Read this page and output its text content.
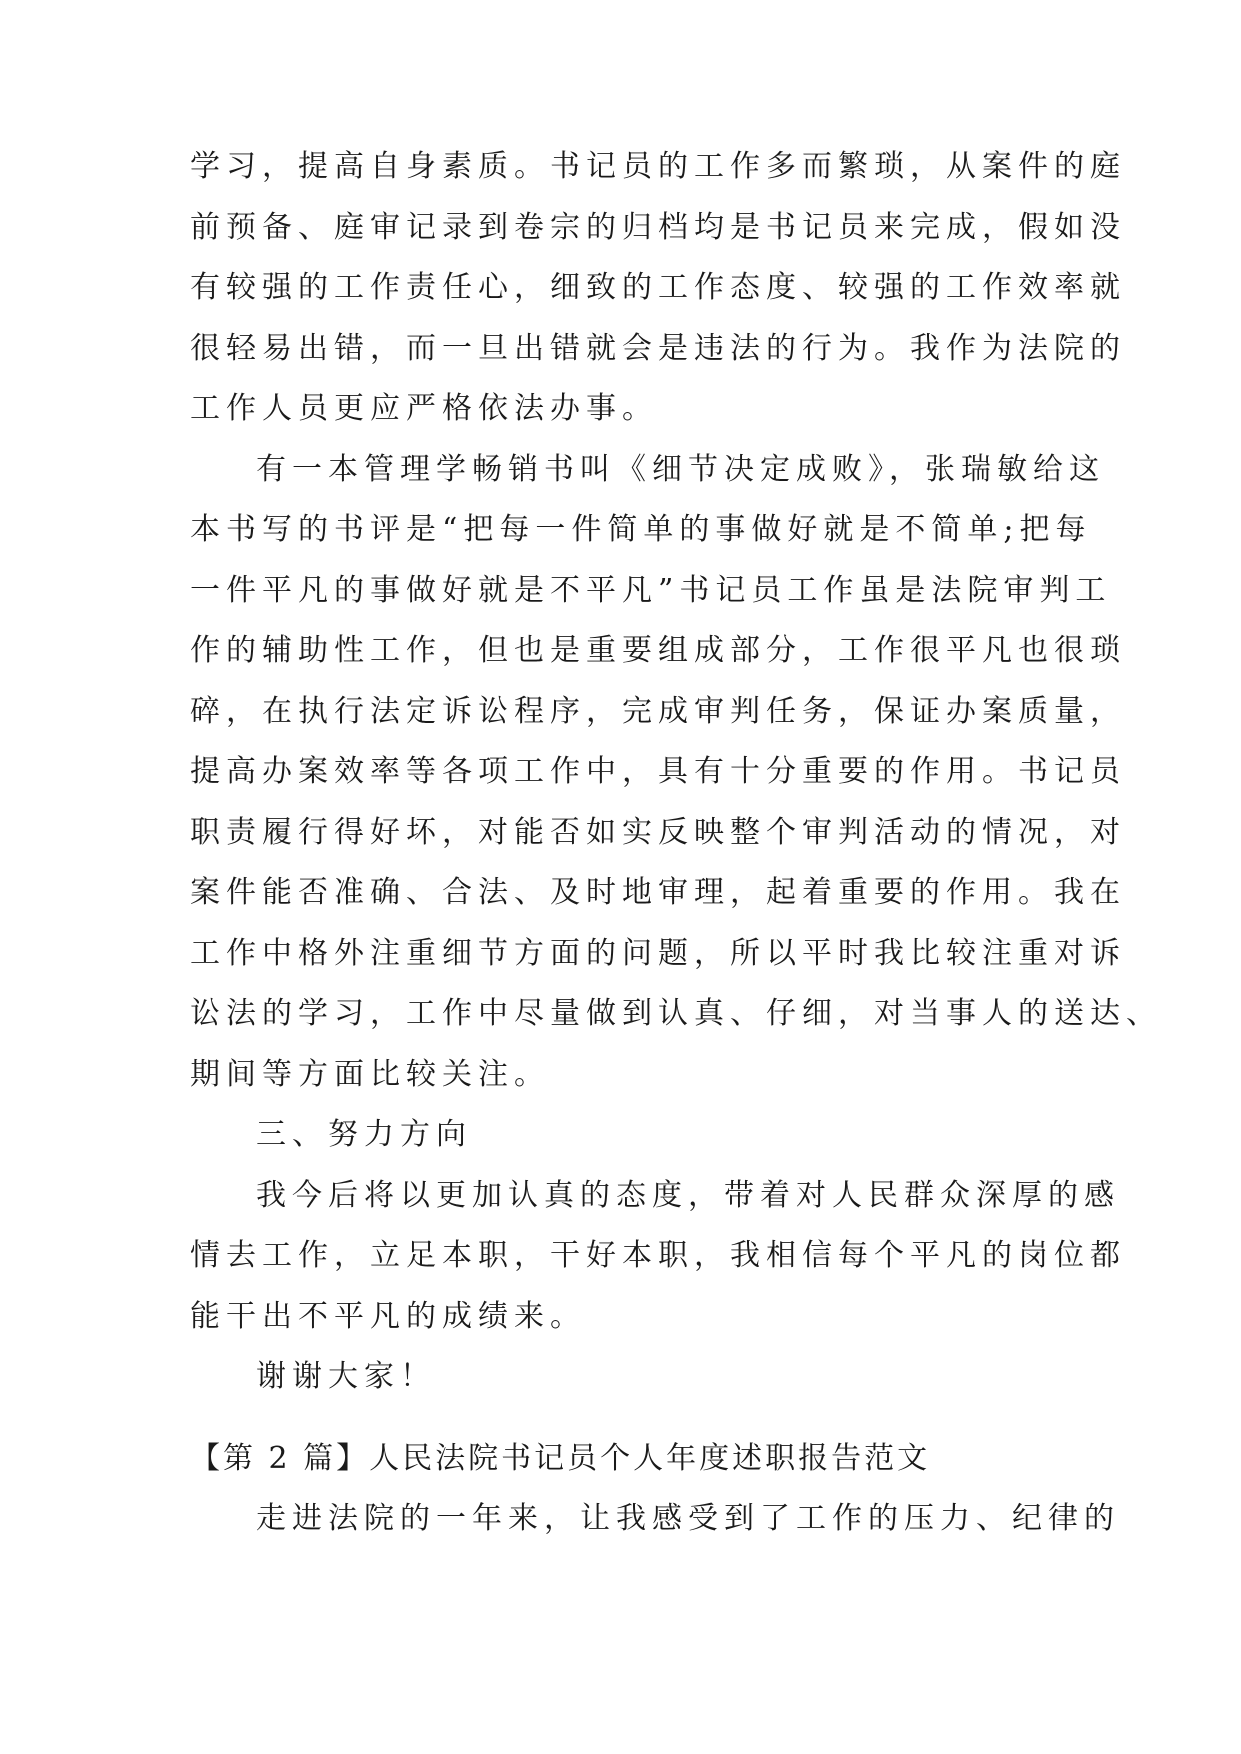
学习，提高自身素质。书记员的工作多而繁琐，从案件的庭
前预备、庭审记录到卷宗的归档均是书记员来完成，假如没
有较强的工作责任心，细致的工作态度、较强的工作效率就
很轻易出错，而一旦出错就会是违法的行为。我作为法院的
工作人员更应严格依法办事。
有一本管理学畅销书叫《细节决定成败》，张瑞敏给这
本书写的书评是“把每一件简单的事做好就是不简单;把每
一件平凡的事做好就是不平凡”书记员工作虽是法院审判工
作的辅助性工作，但也是重要组成部分，工作很平凡也很琐
碎，在执行法定诉讼程序，完成审判任务，保证办案质量，
提高办案效率等各项工作中，具有十分重要的作用。书记员
职责履行得好坏，对能否如实反映整个审判活动的情况，对
案件能否准确、合法、及时地审理，起着重要的作用。我在
工作中格外注重细节方面的问题，所以平时我比较注重对诉
讼法的学习，工作中尽量做到认真、仔细，对当事人的送达、
期间等方面比较关注。
三、努力方向
我今后将以更加认真的态度，带着对人民群众深厚的感
情去工作，立足本职，干好本职，我相信每个平凡的岗位都
能干出不平凡的成绩来。
谢谢大家！
【第 2 篇】人民法院书记员个人年度述职报告范文
走进法院的一年来，让我感受到了工作的压力、纪律的
